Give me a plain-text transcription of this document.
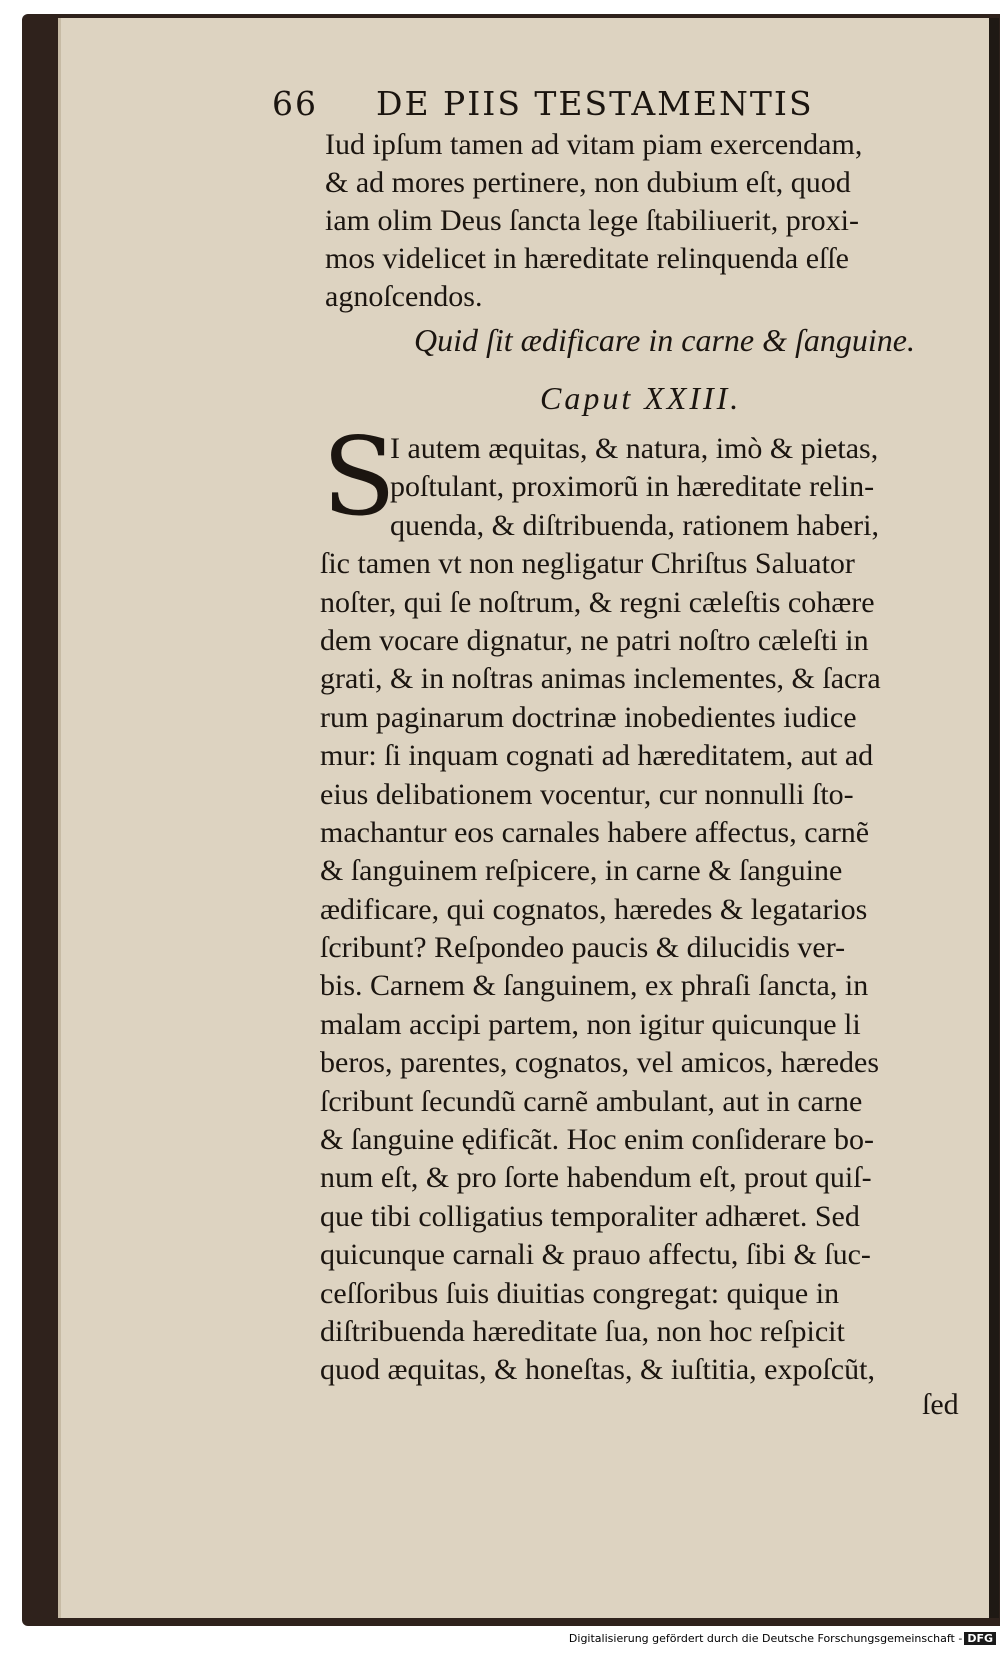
66 DE PIIS TESTAMENTIS
Iud ipſum tamen ad vitam piam exercendam,
& ad mores pertinere, non dubium eſt, quod
iam olim Deus ſancta lege ſtabiliuerit, proxi-
mos videlicet in hæreditate relinquenda eſſe
agnoſcendos.
Quid ſit ædificare in carne & ſanguine.
Caput XXIII.
S
I autem æquitas, & natura, imò & pietas,
poſtulant, proximorũ in hæreditate relin-
quenda, & diſtribuenda, rationem haberi,
ſic tamen vt non negligatur Chriſtus Saluator
noſter, qui ſe noſtrum, & regni cæleſtis cohære
dem vocare dignatur, ne patri noſtro cæleſti in
grati, & in noſtras animas inclementes, & ſacra
rum paginarum doctrinæ inobedientes iudice
mur: ſi inquam cognati ad hæreditatem, aut ad
eius delibationem vocentur, cur nonnulli ſto-
machantur eos carnales habere affectus, carnẽ
& ſanguinem reſpicere, in carne & ſanguine
ædificare, qui cognatos, hæredes & legatarios
ſcribunt? Reſpondeo paucis & dilucidis ver-
bis. Carnem & ſanguinem, ex phraſi ſancta, in
malam accipi partem, non igitur quicunque li
beros, parentes, cognatos, vel amicos, hæredes
ſcribunt ſecundũ carnẽ ambulant, aut in carne
& ſanguine ędificãt. Hoc enim conſiderare bo-
num eſt, & pro ſorte habendum eſt, prout quiſ-
que tibi colligatius temporaliter adhæret. Sed
quicunque carnali & prauo affectu, ſibi & ſuc-
ceſſoribus ſuis diuitias congregat: quique in
diſtribuenda hæreditate ſua, non hoc reſpicit
quod æquitas, & honeſtas, & iuſtitia, expoſcũt,
ſed
Digitalisierung gefördert durch die Deutsche Forschungsgemeinschaft - DFG
